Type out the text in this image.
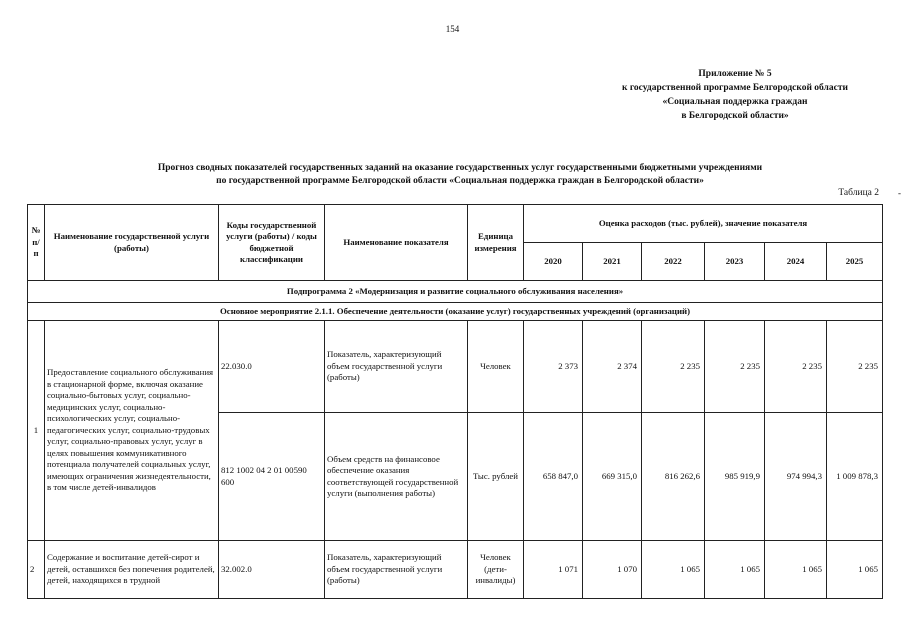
154
Приложение № 5
к государственной программе Белгородской области
«Социальная поддержка граждан
в Белгородской области»
Прогноз сводных показателей государственных заданий на оказание государственных услуг государственными бюджетными учреждениями
по государственной программе Белгородской области «Социальная поддержка граждан в Белгородской области»
Таблица 2 -
№ п/п	Наименование государственной услуги (работы)	Коды государственной услуги (работы) / коды бюджетной классификации	Наименование показателя	Единица измерения	Оценка расходов (тыс. рублей), значение показателя					
					2020	2021	2022	2023	2024	2025
Подпрограмма 2 «Модернизация и развитие социального обслуживания населения»										
Основное мероприятие 2.1.1. Обеспечение деятельности (оказание услуг) государственных учреждений (организаций)										
1	Предоставление социального обслуживания в стационарной форме, включая оказание социально-бытовых услуг, социально-медицинских услуг, социально-психологических услуг, социально-педагогических услуг, социально-трудовых услуг, социально-правовых услуг, услуг в целях повышения коммуникативного потенциала получателей социальных услуг, имеющих ограничения жизнедеятельности, в том числе детей-инвалидов	22.030.0	Показатель, характеризующий объем государственной услуги (работы)	Человек	2 373	2 374	2 235	2 235	2 235	2 235
		812 1002 04 2 01 00590 600	Объем средств на финансовое обеспечение оказания соответствующей государственной услуги (выполнения работы)	Тыс. рублей	658 847,0	669 315,0	816 262,6	985 919,9	974 994,3	1 009 878,3
2	Содержание и воспитание детей-сирот и детей, оставшихся без попечения родителей, детей, находящихся в трудной	32.002.0	Показатель, характеризующий объем государственной услуги (работы)	Человек (дети-инвалиды)	1 071	1 070	1 065	1 065	1 065	1 065
